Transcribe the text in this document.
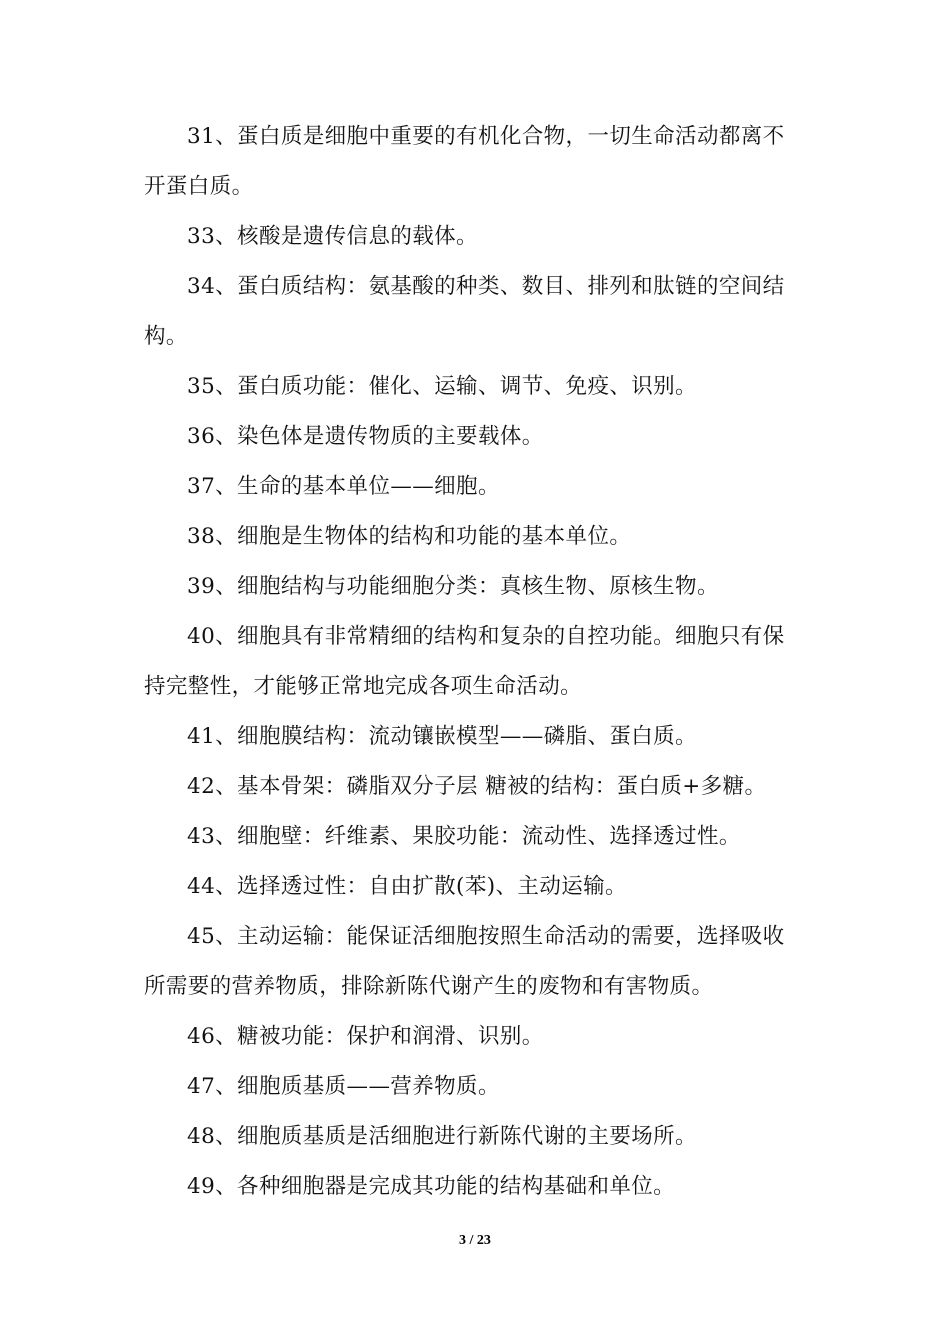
31、蛋白质是细胞中重要的有机化合物，一切生命活动都离不开蛋白质。

33、核酸是遗传信息的载体。

34、蛋白质结构：氨基酸的种类、数目、排列和肽链的空间结构。

35、蛋白质功能：催化、运输、调节、免疫、识别。

36、染色体是遗传物质的主要载体。

37、生命的基本单位——细胞。

38、细胞是生物体的结构和功能的基本单位。

39、细胞结构与功能细胞分类：真核生物、原核生物。

40、细胞具有非常精细的结构和复杂的自控功能。细胞只有保持完整性，才能够正常地完成各项生命活动。

41、细胞膜结构：流动镶嵌模型——磷脂、蛋白质。

42、基本骨架：磷脂双分子层 糖被的结构：蛋白质+多糖。

43、细胞壁：纤维素、果胶功能：流动性、选择透过性。

44、选择透过性：自由扩散(苯)、主动运输。

45、主动运输：能保证活细胞按照生命活动的需要，选择吸收所需要的营养物质，排除新陈代谢产生的废物和有害物质。

46、糖被功能：保护和润滑、识别。

47、细胞质基质——营养物质。

48、细胞质基质是活细胞进行新陈代谢的主要场所。

49、各种细胞器是完成其功能的结构基础和单位。

3 / 23
